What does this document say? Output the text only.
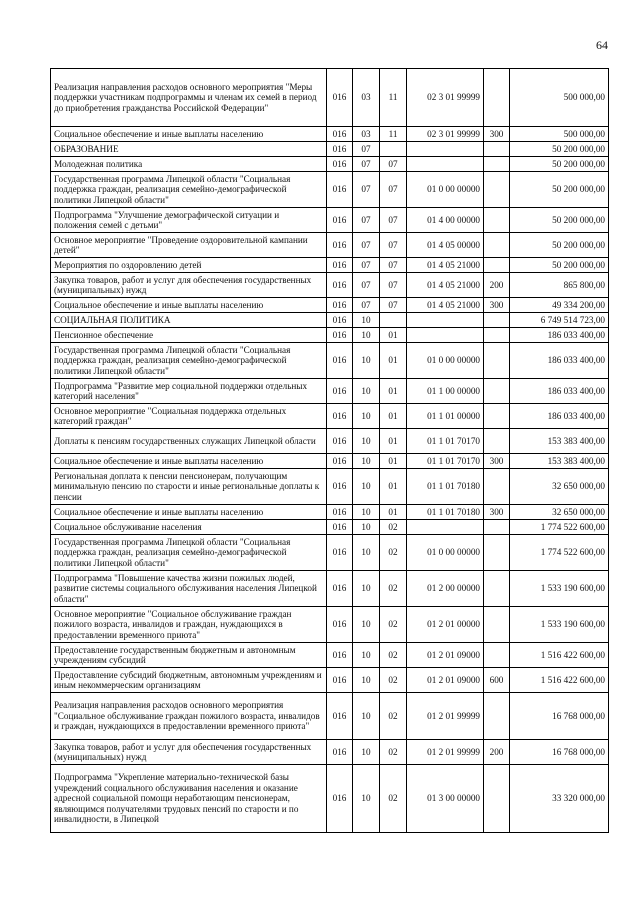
64
Реализация направления расходов основного мероприятия "Меры поддержки участникам подпрограммы и членам их семей в период до приобретения гражданства Российской Федерации"	016	03	11	02 3 01 99999		500 000,00
Социальное обеспечение и иные выплаты населению	016	03	11	02 3 01 99999	300	500 000,00
ОБРАЗОВАНИЕ	016	07				50 200 000,00
Молодежная политика	016	07	07			50 200 000,00
Государственная программа Липецкой области "Социальная поддержка граждан, реализация семейно-демографической политики Липецкой области"	016	07	07	01 0 00 00000		50 200 000,00
Подпрограмма "Улучшение демографической ситуации и положения семей с детьми"	016	07	07	01 4 00 00000		50 200 000,00
Основное мероприятие "Проведение оздоровительной кампании детей"	016	07	07	01 4 05 00000		50 200 000,00
Мероприятия по оздоровлению детей	016	07	07	01 4 05 21000		50 200 000,00
Закупка товаров, работ и услуг для обеспечения государственных (муниципальных) нужд	016	07	07	01 4 05 21000	200	865 800,00
Социальное обеспечение и иные выплаты населению	016	07	07	01 4 05 21000	300	49 334 200,00
СОЦИАЛЬНАЯ ПОЛИТИКА	016	10				6 749 514 723,00
Пенсионное обеспечение	016	10	01			186 033 400,00
Государственная программа Липецкой области "Социальная поддержка граждан, реализация семейно-демографической политики Липецкой области"	016	10	01	01 0 00 00000		186 033 400,00
Подпрограмма "Развитие мер социальной поддержки отдельных категорий населения"	016	10	01	01 1 00 00000		186 033 400,00
Основное мероприятие "Социальная поддержка отдельных категорий граждан"	016	10	01	01 1 01 00000		186 033 400,00
Доплаты к пенсиям государственных служащих Липецкой области	016	10	01	01 1 01 70170		153 383 400,00
Социальное обеспечение и иные выплаты населению	016	10	01	01 1 01 70170	300	153 383 400,00
Региональная доплата к пенсии пенсионерам, получающим минимальную пенсию по старости и иные региональные доплаты к пенсии	016	10	01	01 1 01 70180		32 650 000,00
Социальное обеспечение и иные выплаты населению	016	10	01	01 1 01 70180	300	32 650 000,00
Социальное обслуживание населения	016	10	02			1 774 522 600,00
Государственная программа Липецкой области "Социальная поддержка граждан, реализация семейно-демографической политики Липецкой области"	016	10	02	01 0 00 00000		1 774 522 600,00
Подпрограмма "Повышение качества жизни пожилых людей, развитие системы социального обслуживания населения Липецкой области"	016	10	02	01 2 00 00000		1 533 190 600,00
Основное мероприятие "Социальное обслуживание граждан пожилого возраста, инвалидов и граждан, нуждающихся в предоставлении временного приюта"	016	10	02	01 2 01 00000		1 533 190 600,00
Предоставление государственным бюджетным и автономным учреждениям субсидий	016	10	02	01 2 01 09000		1 516 422 600,00
Предоставление субсидий бюджетным, автономным учреждениям и иным некоммерческим организациям	016	10	02	01 2 01 09000	600	1 516 422 600,00
Реализация направления расходов основного мероприятия "Социальное обслуживание граждан пожилого возраста, инвалидов и граждан, нуждающихся в предоставлении временного приюта"	016	10	02	01 2 01 99999		16 768 000,00
Закупка товаров, работ и услуг для обеспечения государственных (муниципальных) нужд	016	10	02	01 2 01 99999	200	16 768 000,00
Подпрограмма "Укрепление материально-технической базы учреждений социального обслуживания населения и оказание адресной социальной помощи неработающим пенсионерам, являющимся получателями трудовых пенсий по старости и по инвалидности, в Липецкой	016	10	02	01 3 00 00000		33 320 000,00
